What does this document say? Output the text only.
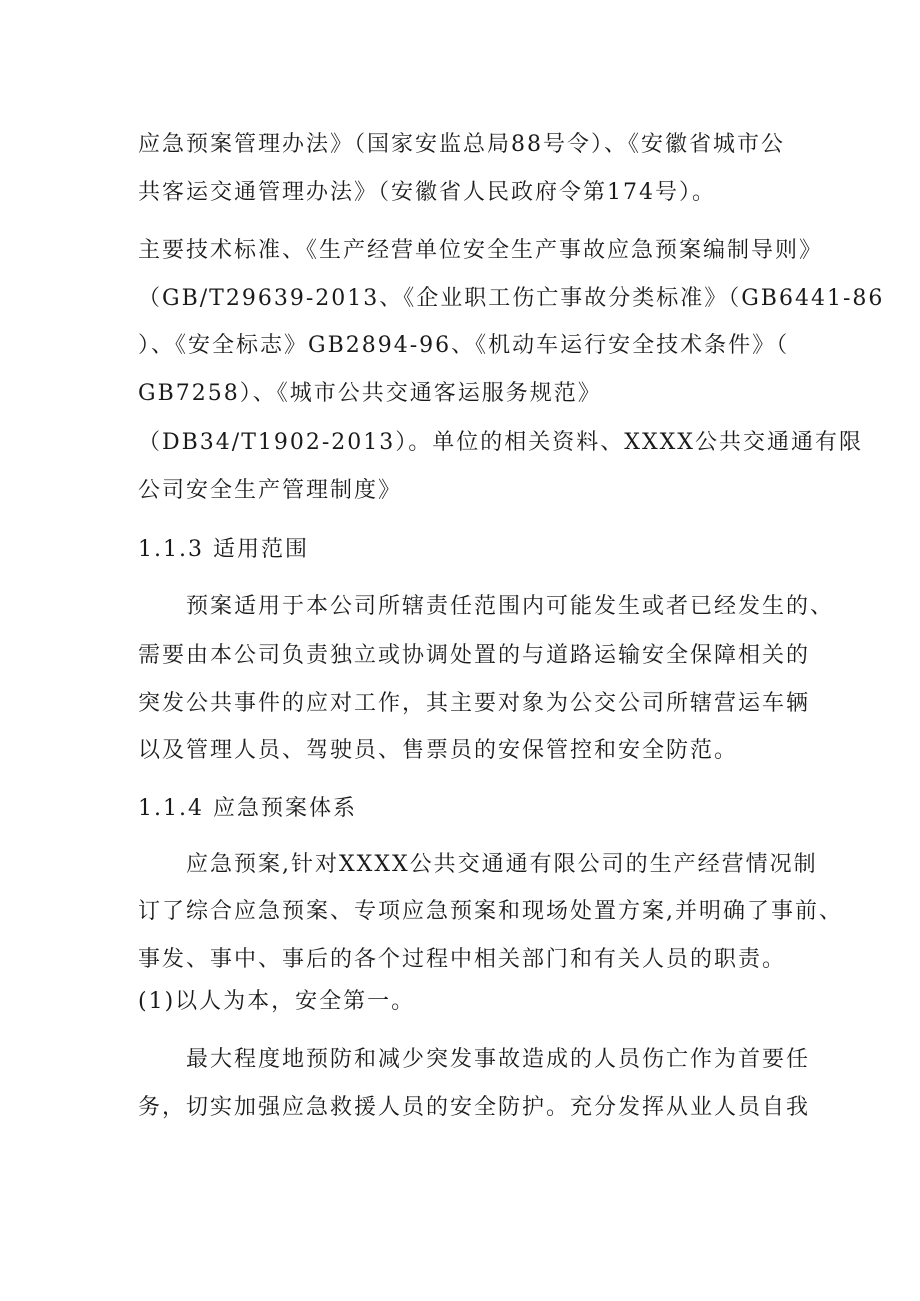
应急预案管理办法》（国家安监总局88号令）、《安徽省城市公
共客运交通管理办法》（安徽省人民政府令第174号）。
主要技术标准、《生产经营单位安全生产事故应急预案编制导则》
（GB/T29639-2013、《企业职工伤亡事故分类标准》（GB6441-86
）、《安全标志》GB2894-96、《机动车运行安全技术条件》（
GB7258）、《城市公共交通客运服务规范》
（DB34/T1902-2013）。单位的相关资料、XXXX公共交通通有限
公司安全生产管理制度》
1.1.3 适用范围
预案适用于本公司所辖责任范围内可能发生或者已经发生的、
需要由本公司负责独立或协调处置的与道路运输安全保障相关的
突发公共事件的应对工作，其主要对象为公交公司所辖营运车辆
以及管理人员、驾驶员、售票员的安保管控和安全防范。
1.1.4 应急预案体系
应急预案,针对XXXX公共交通通有限公司的生产经营情况制
订了综合应急预案、专项应急预案和现场处置方案,并明确了事前、
事发、事中、事后的各个过程中相关部门和有关人员的职责。
(1)以人为本，安全第一。
最大程度地预防和减少突发事故造成的人员伤亡作为首要任
务，切实加强应急救援人员的安全防护。充分发挥从业人员自我
